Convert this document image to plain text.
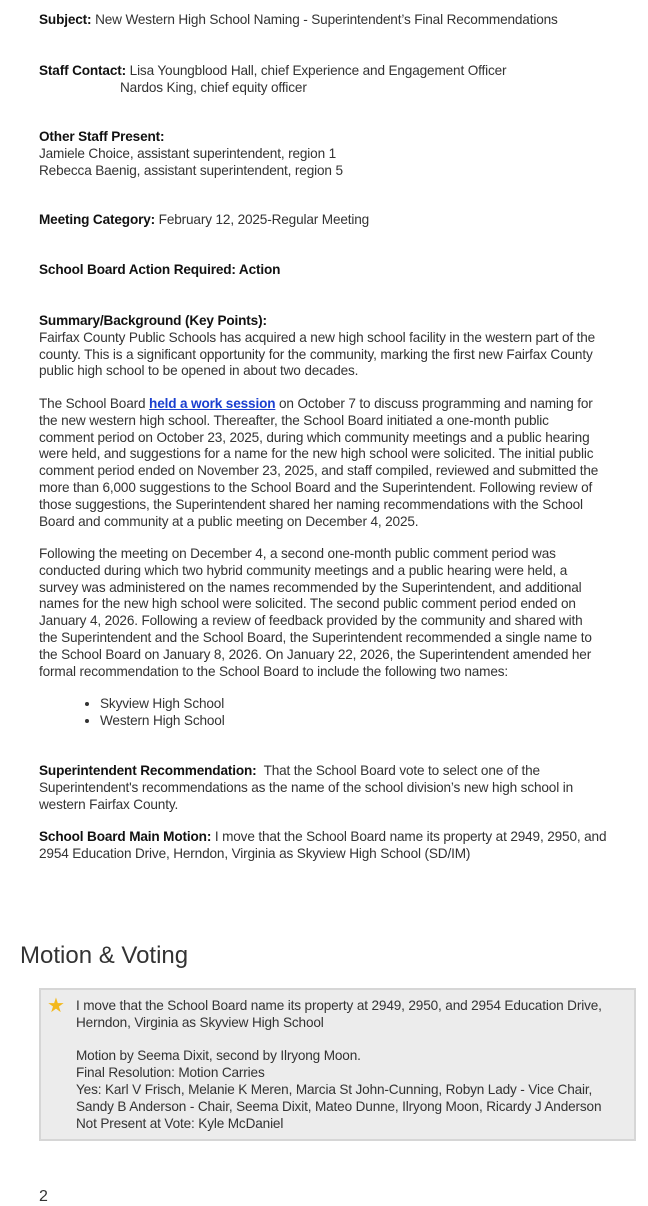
Subject: New Western High School Naming - Superintendent’s Final Recommendations
Staff Contact: Lisa Youngblood Hall, chief Experience and Engagement Officer
Nardos King, chief equity officer
Other Staff Present:
Jamiele Choice, assistant superintendent, region 1
Rebecca Baenig, assistant superintendent, region 5
Meeting Category: February 12, 2025-Regular Meeting
School Board Action Required: Action
Summary/Background (Key Points):
Fairfax County Public Schools has acquired a new high school facility in the western part of the
county. This is a significant opportunity for the community, marking the first new Fairfax County
public high school to be opened in about two decades.
The School Board held a work session on October 7 to discuss programming and naming for
the new western high school. Thereafter, the School Board initiated a one-month public
comment period on October 23, 2025, during which community meetings and a public hearing
were held, and suggestions for a name for the new high school were solicited. The initial public
comment period ended on November 23, 2025, and staff compiled, reviewed and submitted the
more than 6,000 suggestions to the School Board and the Superintendent. Following review of
those suggestions, the Superintendent shared her naming recommendations with the School
Board and community at a public meeting on December 4, 2025.
Following the meeting on December 4, a second one-month public comment period was
conducted during which two hybrid community meetings and a public hearing were held, a
survey was administered on the names recommended by the Superintendent, and additional
names for the new high school were solicited. The second public comment period ended on
January 4, 2026. Following a review of feedback provided by the community and shared with
the Superintendent and the School Board, the Superintendent recommended a single name to
the School Board on January 8, 2026. On January 22, 2026, the Superintendent amended her
formal recommendation to the School Board to include the following two names:
• Skyview High School
• Western High School
Superintendent Recommendation:  That the School Board vote to select one of the
Superintendent's recommendations as the name of the school division’s new high school in
western Fairfax County.
School Board Main Motion: I move that the School Board name its property at 2949, 2950, and
2954 Education Drive, Herndon, Virginia as Skyview High School (SD/IM)
Motion & Voting
★ I move that the School Board name its property at 2949, 2950, and 2954 Education Drive,
Herndon, Virginia as Skyview High School
Motion by Seema Dixit, second by Ilryong Moon.
Final Resolution: Motion Carries
Yes: Karl V Frisch, Melanie K Meren, Marcia St John-Cunning, Robyn Lady - Vice Chair,
Sandy B Anderson - Chair, Seema Dixit, Mateo Dunne, Ilryong Moon, Ricardy J Anderson
Not Present at Vote: Kyle McDaniel
2
